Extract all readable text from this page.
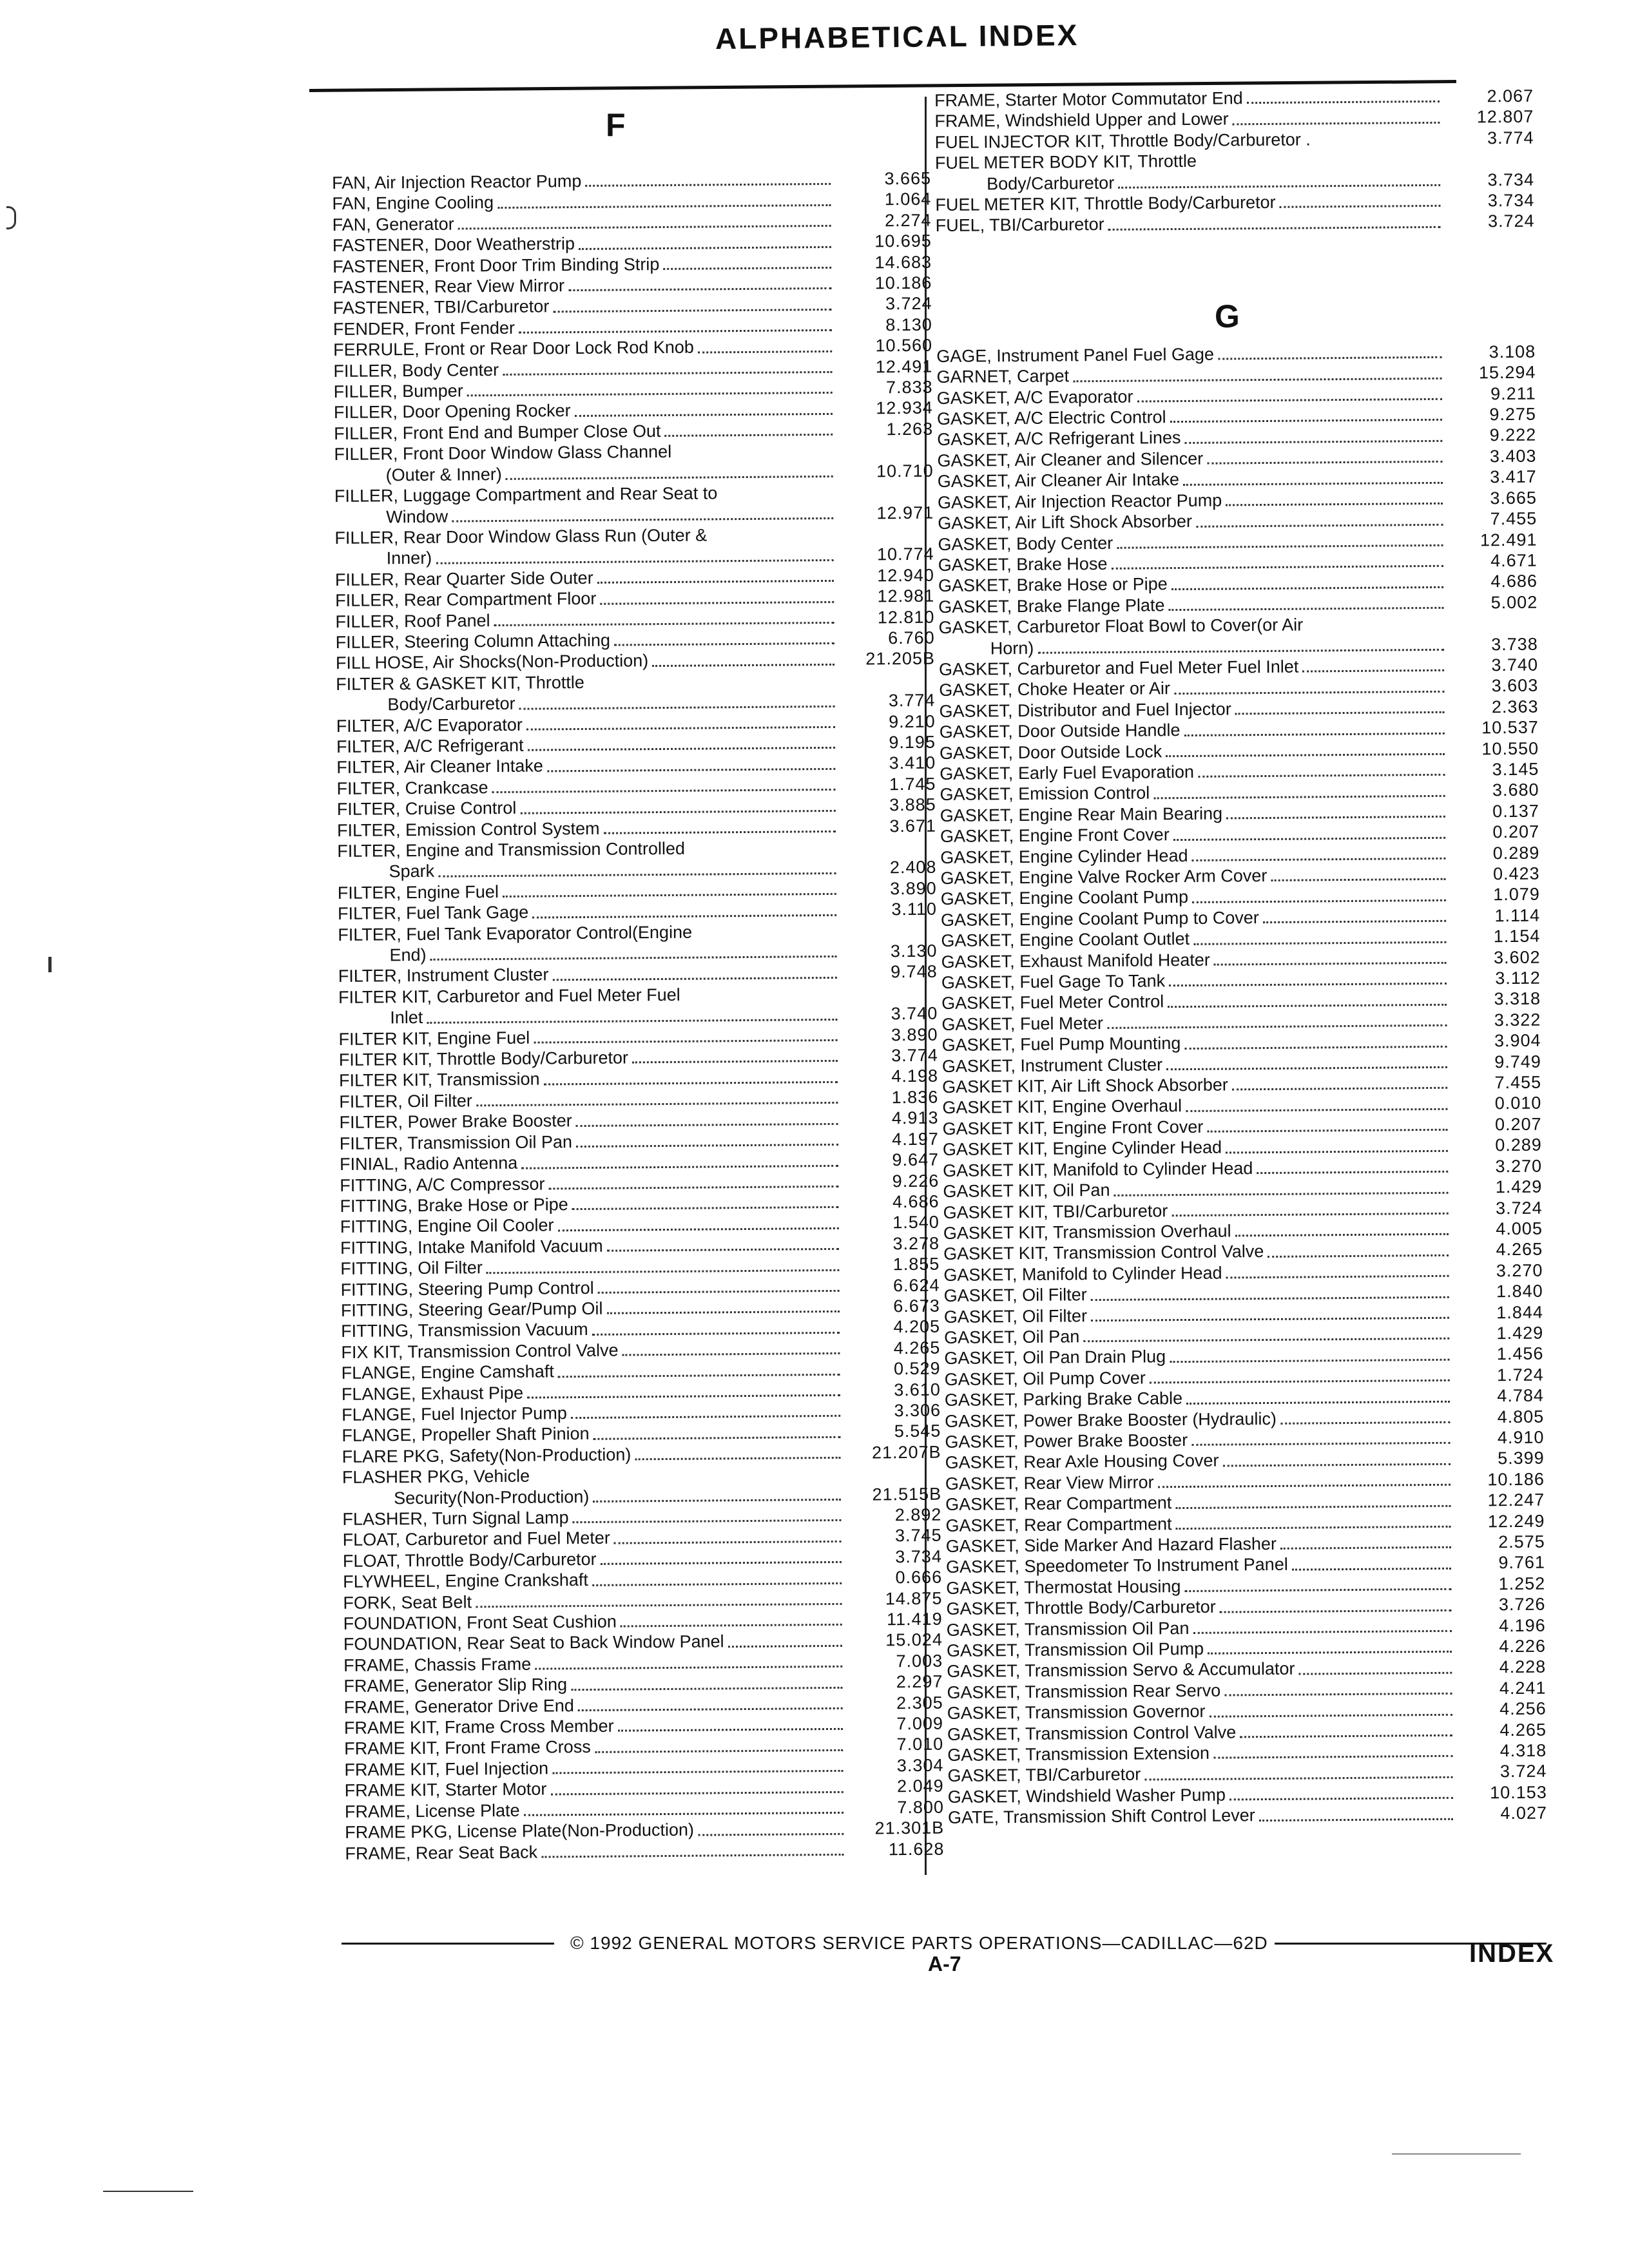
ALPHABETICAL INDEX
F
G
FAN, Air Injection Reactor Pump	3.665
FAN, Engine Cooling	1.064
FAN, Generator	2.274
FASTENER, Door Weatherstrip	10.695
FASTENER, Front Door Trim Binding Strip	14.683
FASTENER, Rear View Mirror	10.186
FASTENER, TBI/Carburetor	3.724
FENDER, Front Fender	8.130
FERRULE, Front or Rear Door Lock Rod Knob	10.560
FILLER, Body Center	12.491
FILLER, Bumper	7.833
FILLER, Door Opening Rocker	12.934
FILLER, Front End and Bumper Close Out	1.263
FILLER, Front Door Window Glass Channel
(Outer & Inner)	10.710
FILLER, Luggage Compartment and Rear Seat to
Window	12.971
FILLER, Rear Door Window Glass Run (Outer &
Inner)	10.774
FILLER, Rear Quarter Side Outer	12.940
FILLER, Rear Compartment Floor	12.981
FILLER, Roof Panel	12.810
FILLER, Steering Column Attaching	6.760
FILL HOSE, Air Shocks(Non-Production)	21.205B
FILTER & GASKET KIT, Throttle
Body/Carburetor	3.774
FILTER, A/C Evaporator	9.210
FILTER, A/C Refrigerant	9.195
FILTER, Air Cleaner Intake	3.410
FILTER, Crankcase	1.745
FILTER, Cruise Control	3.885
FILTER, Emission Control System	3.671
FILTER, Engine and Transmission Controlled
Spark	2.408
FILTER, Engine Fuel	3.890
FILTER, Fuel Tank Gage	3.110
FILTER, Fuel Tank Evaporator Control(Engine
End)	3.130
FILTER, Instrument Cluster	9.748
FILTER KIT, Carburetor and Fuel Meter Fuel
Inlet	3.740
FILTER KIT, Engine Fuel	3.890
FILTER KIT, Throttle Body/Carburetor	3.774
FILTER KIT, Transmission	4.198
FILTER, Oil Filter	1.836
FILTER, Power Brake Booster	4.913
FILTER, Transmission Oil Pan	4.197
FINIAL, Radio Antenna	9.647
FITTING, A/C Compressor	9.226
FITTING, Brake Hose or Pipe	4.686
FITTING, Engine Oil Cooler	1.540
FITTING, Intake Manifold Vacuum	3.278
FITTING, Oil Filter	1.855
FITTING, Steering Pump Control	6.624
FITTING, Steering Gear/Pump Oil	6.673
FITTING, Transmission Vacuum	4.205
FIX KIT, Transmission Control Valve	4.265
FLANGE, Engine Camshaft	0.529
FLANGE, Exhaust Pipe	3.610
FLANGE, Fuel Injector Pump	3.306
FLANGE, Propeller Shaft Pinion	5.545
FLARE PKG, Safety(Non-Production)	21.207B
FLASHER PKG, Vehicle
Security(Non-Production)	21.515B
FLASHER, Turn Signal Lamp	2.892
FLOAT, Carburetor and Fuel Meter	3.745
FLOAT, Throttle Body/Carburetor	3.734
FLYWHEEL, Engine Crankshaft	0.666
FORK, Seat Belt	14.875
FOUNDATION, Front Seat Cushion	11.419
FOUNDATION, Rear Seat to Back Window Panel	15.024
FRAME, Chassis Frame	7.003
FRAME, Generator Slip Ring	2.297
FRAME, Generator Drive End	2.305
FRAME KIT, Frame Cross Member	7.009
FRAME KIT, Front Frame Cross	7.010
FRAME KIT, Fuel Injection	3.304
FRAME KIT, Starter Motor	2.049
FRAME, License Plate	7.800
FRAME PKG, License Plate(Non-Production)	21.301B
FRAME, Rear Seat Back	11.628
FRAME, Starter Motor Commutator End	2.067
FRAME, Windshield Upper and Lower	12.807
FUEL INJECTOR KIT, Throttle Body/Carburetor .	3.774
FUEL METER BODY KIT, Throttle
Body/Carburetor	3.734
FUEL METER KIT, Throttle Body/Carburetor	3.734
FUEL, TBI/Carburetor	3.724
GAGE, Instrument Panel Fuel Gage	3.108
GARNET, Carpet	15.294
GASKET, A/C Evaporator	9.211
GASKET, A/C Electric Control	9.275
GASKET, A/C Refrigerant Lines	9.222
GASKET, Air Cleaner and Silencer	3.403
GASKET, Air Cleaner Air Intake	3.417
GASKET, Air Injection Reactor Pump	3.665
GASKET, Air Lift Shock Absorber	7.455
GASKET, Body Center	12.491
GASKET, Brake Hose	4.671
GASKET, Brake Hose or Pipe	4.686
GASKET, Brake Flange Plate	5.002
GASKET, Carburetor Float Bowl to Cover(or Air
Horn)	3.738
GASKET, Carburetor and Fuel Meter Fuel Inlet	3.740
GASKET, Choke Heater or Air	3.603
GASKET, Distributor and Fuel Injector	2.363
GASKET, Door Outside Handle	10.537
GASKET, Door Outside Lock	10.550
GASKET, Early Fuel Evaporation	3.145
GASKET, Emission Control	3.680
GASKET, Engine Rear Main Bearing	0.137
GASKET, Engine Front Cover	0.207
GASKET, Engine Cylinder Head	0.289
GASKET, Engine Valve Rocker Arm Cover	0.423
GASKET, Engine Coolant Pump	1.079
GASKET, Engine Coolant Pump to Cover	1.114
GASKET, Engine Coolant Outlet	1.154
GASKET, Exhaust Manifold Heater	3.602
GASKET, Fuel Gage To Tank	3.112
GASKET, Fuel Meter Control	3.318
GASKET, Fuel Meter	3.322
GASKET, Fuel Pump Mounting	3.904
GASKET, Instrument Cluster	9.749
GASKET KIT, Air Lift Shock Absorber	7.455
GASKET KIT, Engine Overhaul	0.010
GASKET KIT, Engine Front Cover	0.207
GASKET KIT, Engine Cylinder Head	0.289
GASKET KIT, Manifold to Cylinder Head	3.270
GASKET KIT, Oil Pan	1.429
GASKET KIT, TBI/Carburetor	3.724
GASKET KIT, Transmission Overhaul	4.005
GASKET KIT, Transmission Control Valve	4.265
GASKET, Manifold to Cylinder Head	3.270
GASKET, Oil Filter	1.840
GASKET, Oil Filter	1.844
GASKET, Oil Pan	1.429
GASKET, Oil Pan Drain Plug	1.456
GASKET, Oil Pump Cover	1.724
GASKET, Parking Brake Cable	4.784
GASKET, Power Brake Booster (Hydraulic)	4.805
GASKET, Power Brake Booster	4.910
GASKET, Rear Axle Housing Cover	5.399
GASKET, Rear View Mirror	10.186
GASKET, Rear Compartment	12.247
GASKET, Rear Compartment	12.249
GASKET, Side Marker And Hazard Flasher	2.575
GASKET, Speedometer To Instrument Panel	9.761
GASKET, Thermostat Housing	1.252
GASKET, Throttle Body/Carburetor	3.726
GASKET, Transmission Oil Pan	4.196
GASKET, Transmission Oil Pump	4.226
GASKET, Transmission Servo & Accumulator	4.228
GASKET, Transmission Rear Servo	4.241
GASKET, Transmission Governor	4.256
GASKET, Transmission Control Valve	4.265
GASKET, Transmission Extension	4.318
GASKET, TBI/Carburetor	3.724
GASKET, Windshield Washer Pump	10.153
GATE, Transmission Shift Control Lever	4.027
© 1992 GENERAL MOTORS SERVICE PARTS OPERATIONS—CADILLAC—62D
A-7	INDEX
